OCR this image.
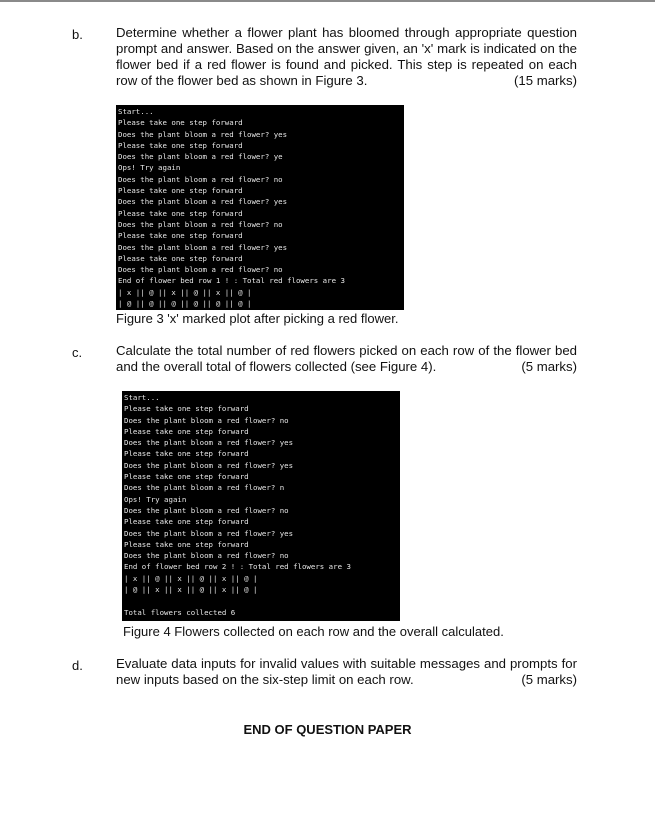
b.	Determine whether a flower plant has bloomed through appropriate question prompt and answer. Based on the answer given, an 'x' mark is indicated on the flower bed if a red flower is found and picked. This step is repeated on each row of the flower bed as shown in Figure 3.	(15 marks)
Start...
Please take one step forward
Does the plant bloom a red flower? yes
Please take one step forward
Does the plant bloom a red flower? ye
Ops! Try again
Does the plant bloom a red flower? no
Please take one step forward
Does the plant bloom a red flower? yes
Please take one step forward
Does the plant bloom a red flower? no
Please take one step forward
Does the plant bloom a red flower? yes
Please take one step forward
Does the plant bloom a red flower? no
End of flower bed row 1 ! : Total red flowers are 3
| x || @ || x || @ || x || @ |
| @ || @ || @ || @ || @ || @ |
Figure 3 'x' marked plot after picking a red flower.
c.	Calculate the total number of red flowers picked on each row of the flower bed and the overall total of flowers collected (see Figure 4).	(5 marks)
Start...
Please take one step forward
Does the plant bloom a red flower? no
Please take one step forward
Does the plant bloom a red flower? yes
Please take one step forward
Does the plant bloom a red flower? yes
Please take one step forward
Does the plant bloom a red flower? n
Ops! Try again
Does the plant bloom a red flower? no
Please take one step forward
Does the plant bloom a red flower? yes
Please take one step forward
Does the plant bloom a red flower? no
End of flower bed row 2 ! : Total red flowers are 3
| x || @ || x || @ || x || @ |
| @ || x || x || @ || x || @ |

Total flowers collected 6
Figure 4 Flowers collected on each row and the overall calculated.
d.	Evaluate data inputs for invalid values with suitable messages and prompts for new inputs based on the six-step limit on each row.	(5 marks)
END OF QUESTION PAPER
